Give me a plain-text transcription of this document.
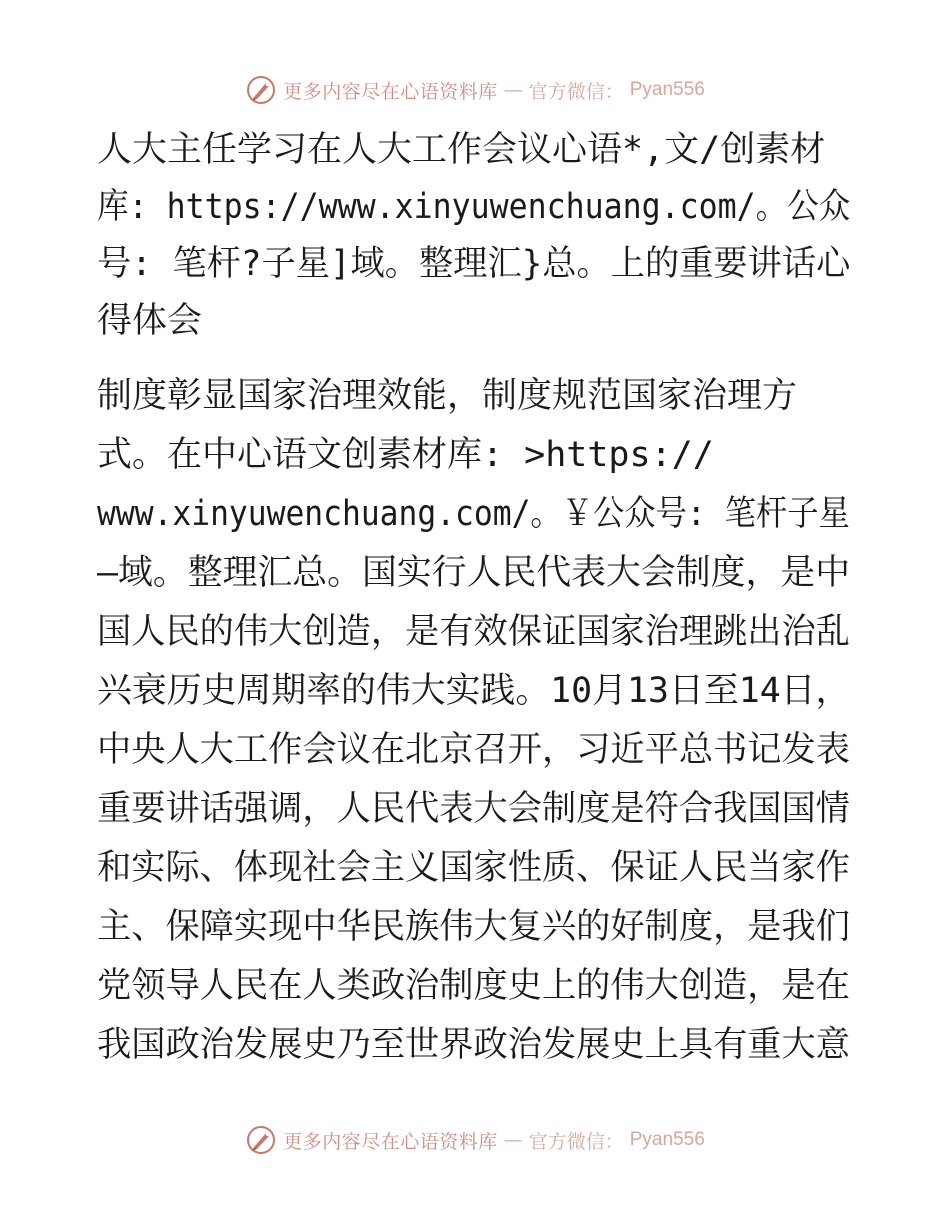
更多内容尽在心语资料库 — 官方微信： Pyan556
人大主任学习在人大工作会议心语*,文/创素材
库: https://www.xinyuwenchuang.com/。公众
号: 笔杆?子星]域。整理汇}总。上的重要讲话心
得体会
制度彰显国家治理效能，制度规范国家治理方
式。在中心语文创素材库: >https://
www.xinyuwenchuang.com/。￥公众号: 笔杆子星
—域。整理汇总。国实行人民代表大会制度，是中
国人民的伟大创造，是有效保证国家治理跳出治乱
兴衰历史周期率的伟大实践。10月13日至14日，
中央人大工作会议在北京召开，习近平总书记发表
重要讲话强调，人民代表大会制度是符合我国国情
和实际、体现社会主义国家性质、保证人民当家作
主、保障实现中华民族伟大复兴的好制度，是我们
党领导人民在人类政治制度史上的伟大创造，是在
我国政治发展史乃至世界政治发展史上具有重大意
更多内容尽在心语资料库 — 官方微信： Pyan556
